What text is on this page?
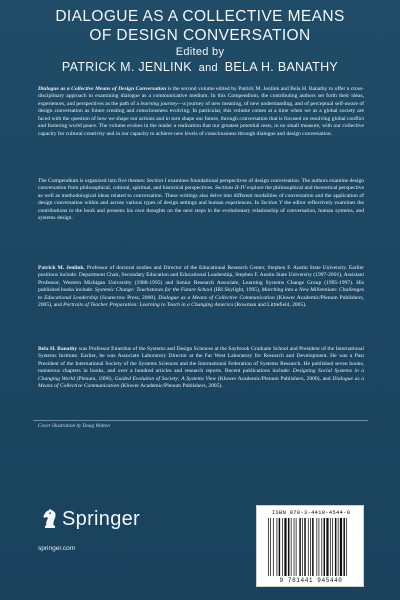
DIALOGUE AS A COLLECTIVE MEANS
OF DESIGN CONVERSATION
Edited by
PATRICK M. JENLINK and BELA H. BANATHY
Dialogue as a Collective Means of Design Conversation is the second volume edited by Patrick M. Jenlink and Bela H. Banathy to offer a cross-disciplinary approach to examining dialogue as a communicative medium. In this Compendium, the contributing authors set forth their ideas, experiences, and perspectives as the path of a learning journey—a journey of new meaning, of new understanding, and of perceptual self-aware of design conversation as future creating and consciousness evolving. In particular, this volume comes at a time when we as a global society are faced with the question of how we shape our actions and in turn shape our future, through conversation that is focused on resolving global conflict and fostering world peace. The volume evokes in the reader a realization that our greatest potential rests, in no small measure, with our collective capacity for cultural creativity and in our capacity to achieve new levels of consciousness through dialogue and design conversation.
The Compendium is organized into five themes: Section I examines foundational perspectives of design conversation. The authors examine design conversation from philosophical, cultural, spiritual, and historical perspectives. Sections II-IV explore the philosophical and theoretical perspective as well as methodological ideas related to conversation. These writings also delve into different modalities of conversation and the application of design conversation within and across various types of design settings and human experiences. In Section V the editor reflectively examines the contributions to the book and presents his own thoughts on the next steps in the evolutionary relationship of conversation, human systems, and systems design.
Patrick M. Jenlink, Professor of doctoral studies and Director of the Educational Research Center, Stephen F. Austin State University. Earlier positions include: Department Chair, Secondary Education and Educational Leadership, Stephen F. Austin State University (1997-2001), Assistant Professor, Western Michigan University (1988-1995) and Senior Research Associate, Learning Systems Change Group (1995-1997). His published books include: Systemic Change: Touchstones for the Future School (IRI Skylight, 1995), Marching into a New Millennium: Challenges to Educational Leadership (Scarecrow Press, 2000), Dialogue as a Means of Collective Communication (Kluwer Academic/Plenum Publishers, 2005), and Portraits of Teacher Preparation: Learning to Teach in a Changing America (Rowman and Littlefield, 2005).
Bela H. Banathy was Professor Emeritus of the Systems and Design Sciences at the Saybrook Graduate School and President of the International Systems Institute. Earlier, he was Associate Laboratory Director at the Far West Laboratory for Research and Development. He was a Past President of the International Society of the Systems Sciences and the International Federation of Systems Research. He published seven books, numerous chapters in books, and over a hundred articles and research reports. Recent publications include: Designing Social Systems in a Changing World (Plenum, 1996), Guided Evolution of Society: A Systems View (Kluwer Academic/Plenum Publishers, 2000), and Dialogue as a Means of Collective Communication (Kluwer Academic/Plenum Publishers, 2005).
Cover illustration by Doug Walton
Springer
springer.com
ISBN 978-3-4419-4544-0
9 781441 945440
